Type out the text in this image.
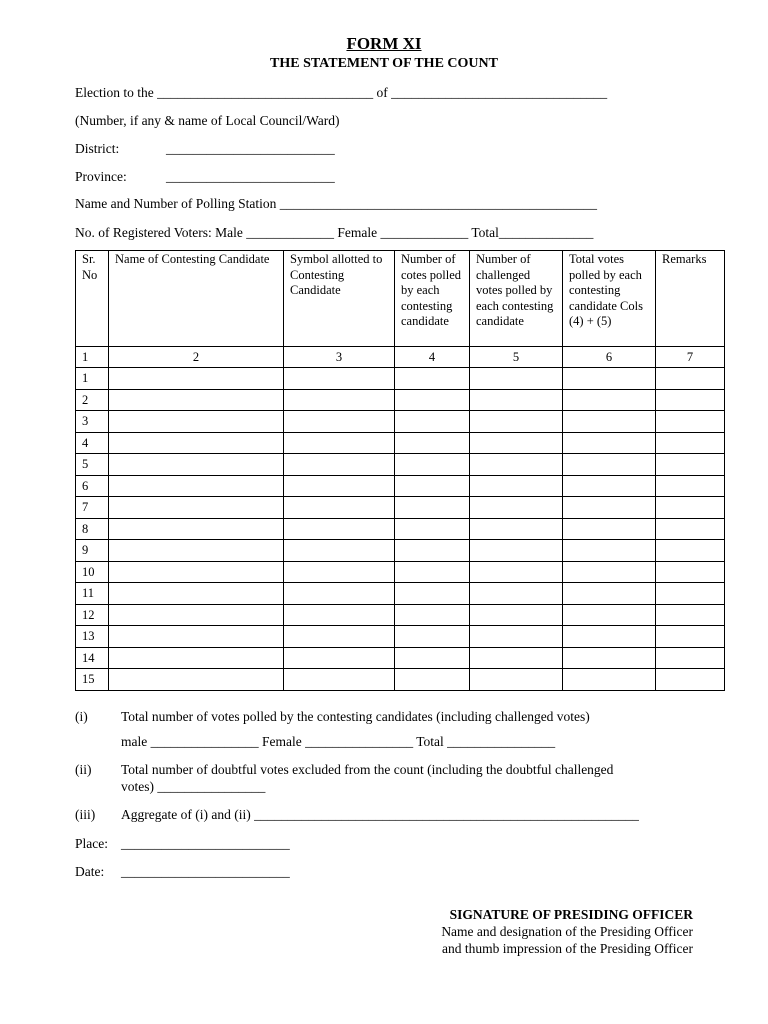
FORM XI
THE STATEMENT OF THE COUNT
Election to the ________________________________ of ________________________________
(Number, if any & name of Local Council/Ward)
District:	_________________________
Province:	_________________________
Name and Number of Polling Station _______________________________________________
No. of Registered Voters: Male _____________ Female _____________ Total______________
Sr. No	Name of Contesting Candidate	Symbol allotted to Contesting Candidate	Number of cotes polled by each contesting candidate	Number of challenged votes polled by each contesting candidate	Total votes polled by each contesting candidate Cols (4) + (5)	Remarks
1	2	3	4	5	6	7
1						
2						
3						
4						
5						
6						
7						
8						
9						
10						
11						
12						
13						
14						
15						
(i) Total number of votes polled by the contesting candidates (including challenged votes)
male ________________ Female ________________ Total ________________
(ii) Total number of doubtful votes excluded from the count (including the doubtful challenged
votes) ________________
(iii) Aggregate of (i) and (ii) _________________________________________________________
Place: _________________________
Date: _________________________
SIGNATURE OF PRESIDING OFFICER
Name and designation of the Presiding Officer
and thumb impression of the Presiding Officer
